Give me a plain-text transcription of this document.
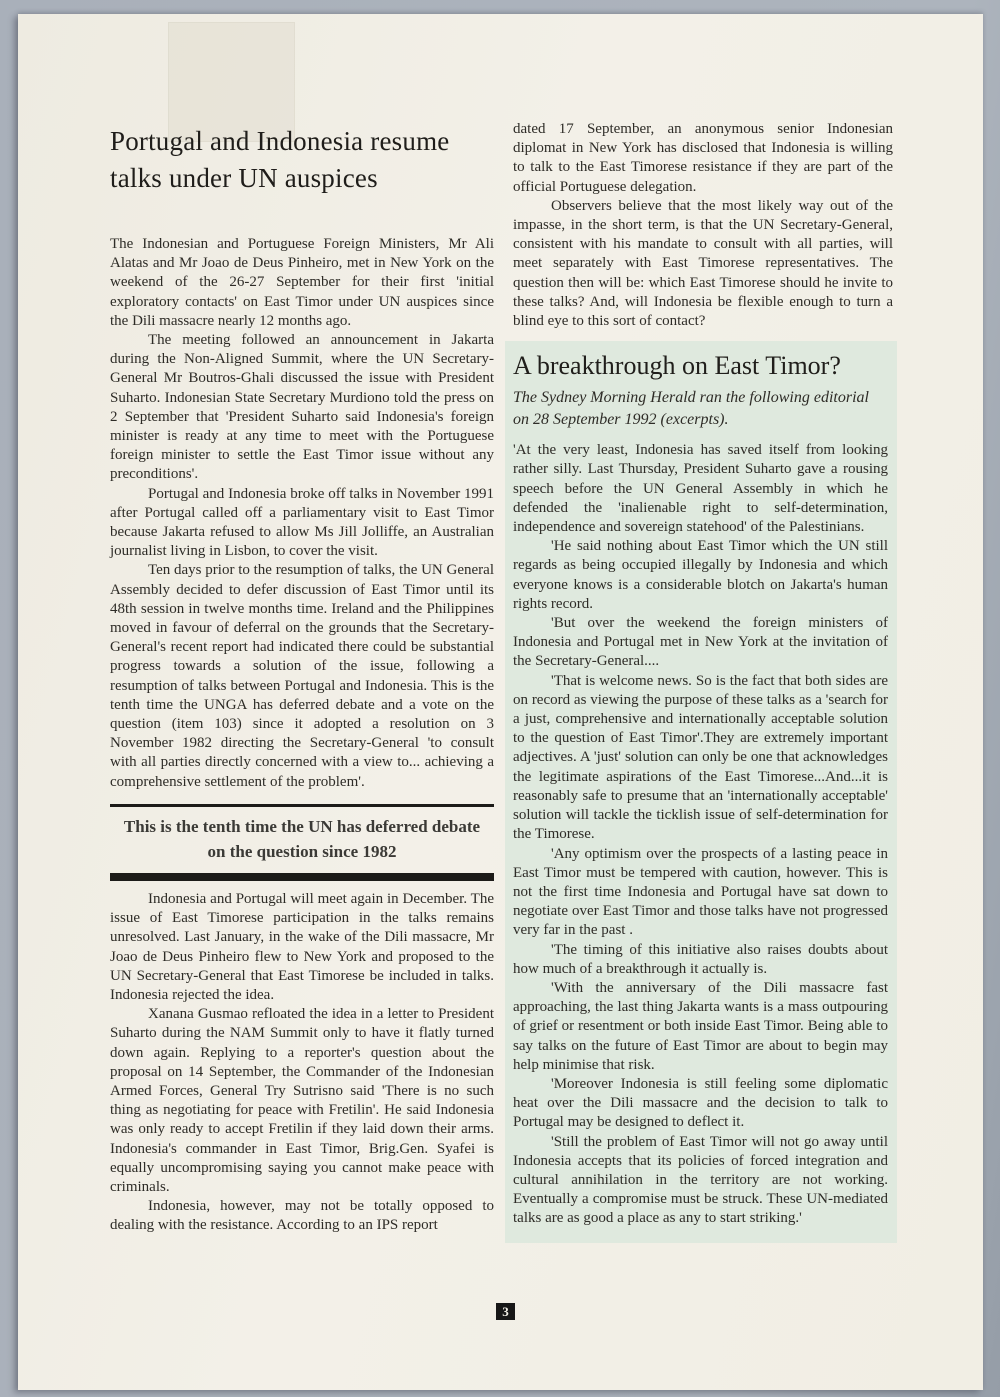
Portugal and Indonesia resume talks under UN auspices

The Indonesian and Portuguese Foreign Ministers, Mr Ali Alatas and Mr Joao de Deus Pinheiro, met in New York on the weekend of the 26-27 September for their first 'initial exploratory contacts' on East Timor under UN auspices since the Dili massacre nearly 12 months ago.

The meeting followed an announcement in Jakarta during the Non-Aligned Summit, where the UN Secretary-General Mr Boutros-Ghali discussed the issue with President Suharto. Indonesian State Secretary Murdiono told the press on 2 September that 'President Suharto said Indonesia's foreign minister is ready at any time to meet with the Portuguese foreign minister to settle the East Timor issue without any preconditions'.

Portugal and Indonesia broke off talks in November 1991 after Portugal called off a parliamentary visit to East Timor because Jakarta refused to allow Ms Jill Jolliffe, an Australian journalist living in Lisbon, to cover the visit.

Ten days prior to the resumption of talks, the UN General Assembly decided to defer discussion of East Timor until its 48th session in twelve months time. Ireland and the Philippines moved in favour of deferral on the grounds that the Secretary-General's recent report had indicated there could be substantial progress towards a solution of the issue, following a resumption of talks between Portugal and Indonesia. This is the tenth time the UNGA has deferred debate and a vote on the question (item 103) since it adopted a resolution on 3 November 1982 directing the Secretary-General 'to consult with all parties directly concerned with a view to... achieving a comprehensive settlement of the problem'.

This is the tenth time the UN has deferred debate on the question since 1982

Indonesia and Portugal will meet again in December. The issue of East Timorese participation in the talks remains unresolved. Last January, in the wake of the Dili massacre, Mr Joao de Deus Pinheiro flew to New York and proposed to the UN Secretary-General that East Timorese be included in talks. Indonesia rejected the idea.

Xanana Gusmao refloated the idea in a letter to President Suharto during the NAM Summit only to have it flatly turned down again. Replying to a reporter's question about the proposal on 14 September, the Commander of the Indonesian Armed Forces, General Try Sutrisno said 'There is no such thing as negotiating for peace with Fretilin'. He said Indonesia was only ready to accept Fretilin if they laid down their arms. Indonesia's commander in East Timor, Brig.Gen. Syafei is equally uncompromising saying you cannot make peace with criminals.

Indonesia, however, may not be totally opposed to dealing with the resistance. According to an IPS report

dated 17 September, an anonymous senior Indonesian diplomat in New York has disclosed that Indonesia is willing to talk to the East Timorese resistance if they are part of the official Portuguese delegation.

Observers believe that the most likely way out of the impasse, in the short term, is that the UN Secretary-General, consistent with his mandate to consult with all parties, will meet separately with East Timorese representatives. The question then will be: which East Timorese should he invite to these talks? And, will Indonesia be flexible enough to turn a blind eye to this sort of contact?

A breakthrough on East Timor?

The Sydney Morning Herald ran the following editorial on 28 September 1992 (excerpts).

'At the very least, Indonesia has saved itself from looking rather silly. Last Thursday, President Suharto gave a rousing speech before the UN General Assembly in which he defended the 'inalienable right to self-determination, independence and sovereign statehood' of the Palestinians.

'He said nothing about East Timor which the UN still regards as being occupied illegally by Indonesia and which everyone knows is a considerable blotch on Jakarta's human rights record.

'But over the weekend the foreign ministers of Indonesia and Portugal met in New York at the invitation of the Secretary-General....

'That is welcome news. So is the fact that both sides are on record as viewing the purpose of these talks as a 'search for a just, comprehensive and internationally acceptable solution to the question of East Timor'.They are extremely important adjectives. A 'just' solution can only be one that acknowledges the legitimate aspirations of the East Timorese...And...it is reasonably safe to presume that an 'internationally acceptable' solution will tackle the ticklish issue of self-determination for the Timorese.

'Any optimism over the prospects of a lasting peace in East Timor must be tempered with caution, however. This is not the first time Indonesia and Portugal have sat down to negotiate over East Timor and those talks have not progressed very far in the past .

'The timing of this initiative also raises doubts about how much of a breakthrough it actually is.

'With the anniversary of the Dili massacre fast approaching, the last thing Jakarta wants is a mass outpouring of grief or resentment or both inside East Timor. Being able to say talks on the future of East Timor are about to begin may help minimise that risk.

'Moreover Indonesia is still feeling some diplomatic heat over the Dili massacre and the decision to talk to Portugal may be designed to deflect it.

'Still the problem of East Timor will not go away until Indonesia accepts that its policies of forced integration and cultural annihilation in the territory are not working. Eventually a compromise must be struck. These UN-mediated talks are as good a place as any to start striking.'

3
